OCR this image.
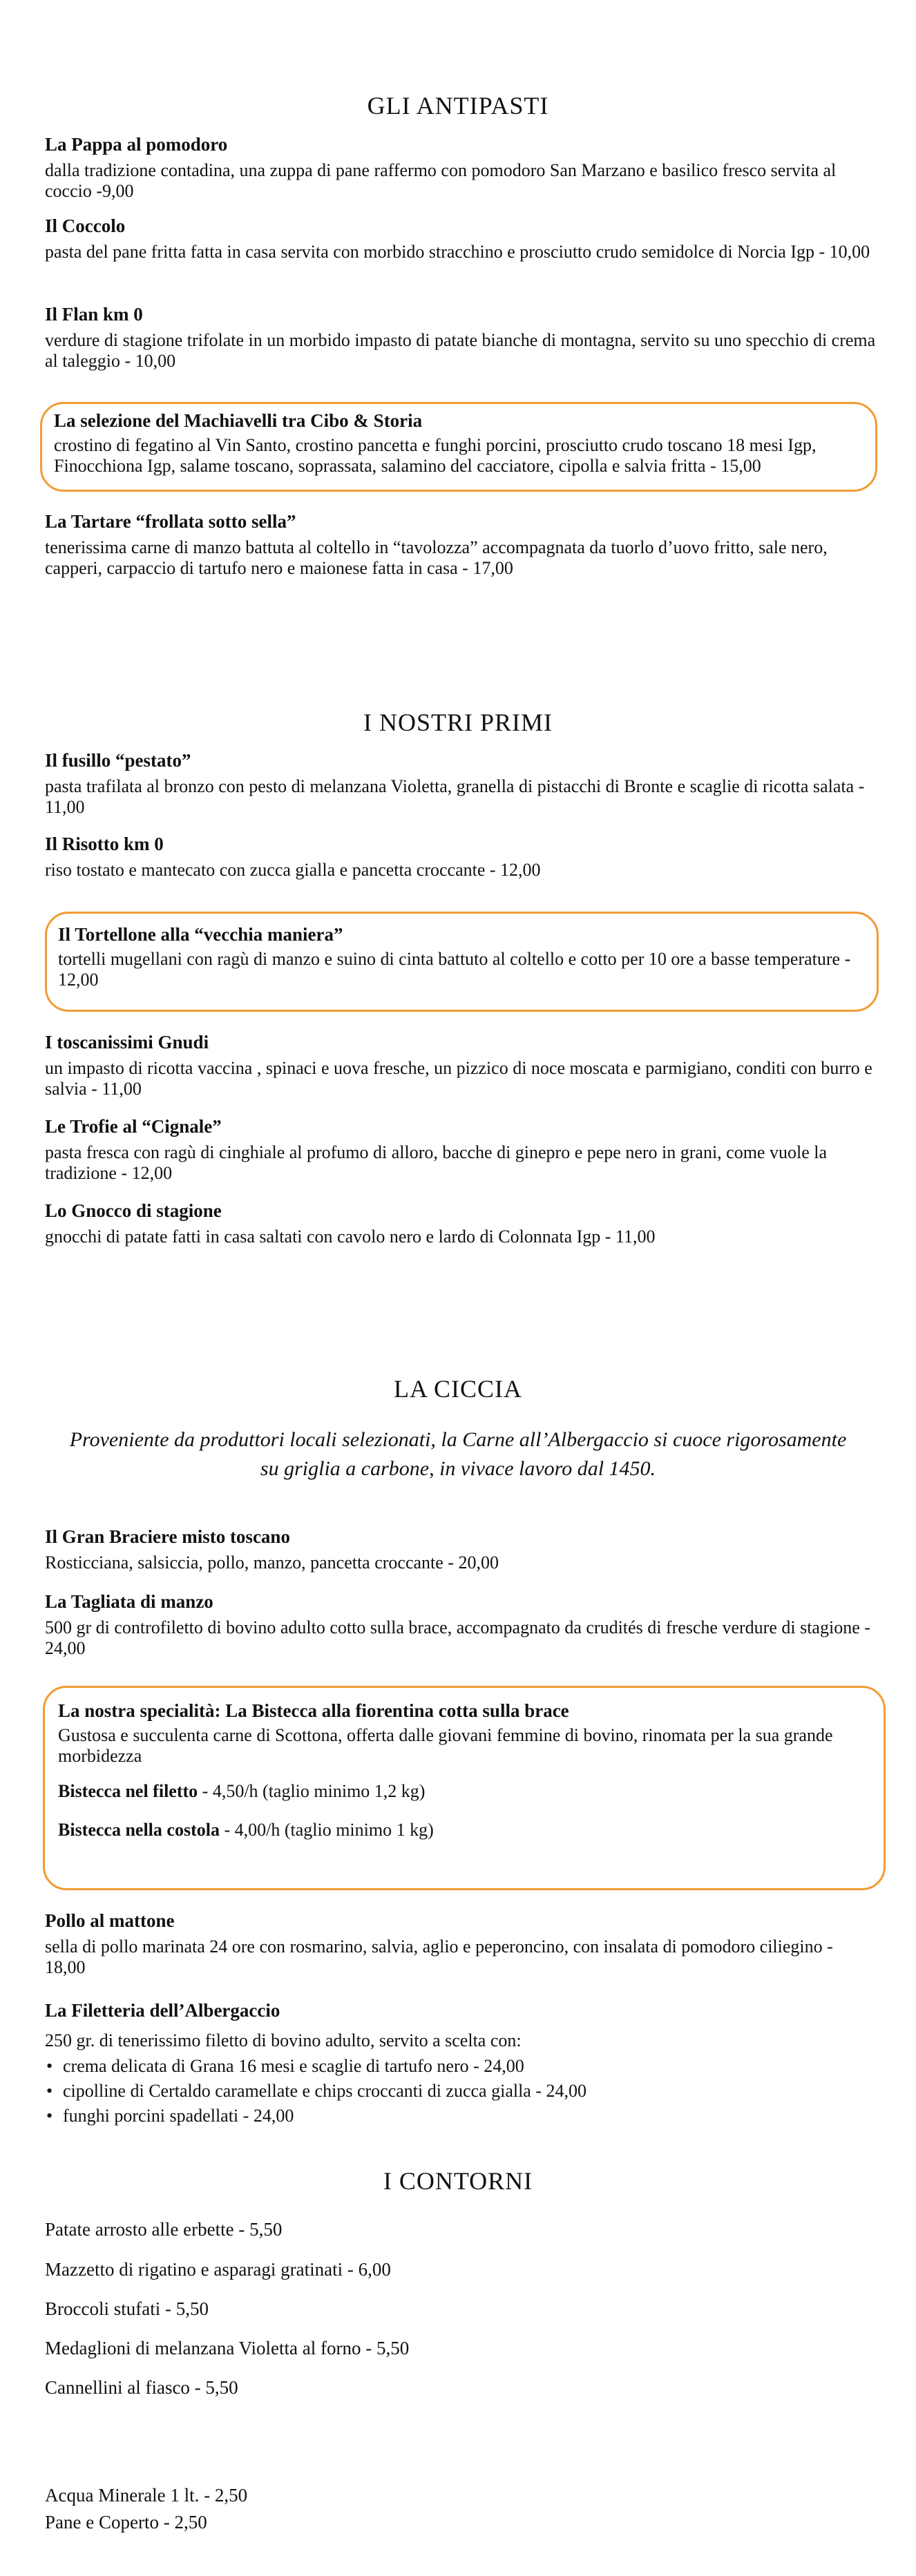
GLI ANTIPASTI
La Pappa al pomodoro
dalla tradizione contadina, una zuppa di pane raffermo con pomodoro San Marzano e basilico fresco servita al coccio -9,00
Il Coccolo
pasta del pane fritta fatta in casa servita con morbido stracchino e prosciutto crudo semidolce di Norcia Igp - 10,00
Il Flan km 0
verdure di stagione trifolate in un morbido impasto di patate bianche di montagna, servito su uno specchio di crema al taleggio - 10,00
La selezione del Machiavelli tra Cibo & Storia
crostino di fegatino al Vin Santo, crostino pancetta e funghi porcini, prosciutto crudo toscano 18 mesi Igp, Finocchiona Igp, salame toscano, soprassata, salamino del cacciatore, cipolla e salvia fritta - 15,00
La Tartare “frollata sotto sella”
tenerissima carne di manzo battuta al coltello in “tavolozza” accompagnata da tuorlo d’uovo fritto, sale nero, capperi, carpaccio di tartufo nero e maionese fatta in casa - 17,00
I NOSTRI PRIMI
Il fusillo “pestato”
pasta trafilata al bronzo con pesto di melanzana Violetta, granella di pistacchi di Bronte e scaglie di ricotta salata - 11,00
Il Risotto km 0
riso tostato e mantecato con zucca gialla e pancetta croccante - 12,00
Il Tortellone alla “vecchia maniera”
tortelli mugellani con ragù di manzo e suino di cinta battuto al coltello e cotto per 10 ore a basse temperature - 12,00
I toscanissimi Gnudi
un impasto di ricotta vaccina , spinaci e uova fresche, un pizzico di noce moscata e parmigiano, conditi con burro e salvia - 11,00
Le Trofie al “Cignale”
pasta fresca con ragù di cinghiale al profumo di alloro, bacche di ginepro e pepe nero in grani, come vuole la tradizione - 12,00
Lo Gnocco di stagione
gnocchi di patate fatti in casa saltati con cavolo nero e lardo di Colonnata Igp - 11,00
LA CICCIA
Proveniente da produttori locali selezionati, la Carne all’Albergaccio si cuoce rigorosamente su griglia a carbone, in vivace lavoro dal 1450.
Il Gran Braciere misto toscano
Rosticciana, salsiccia, pollo, manzo, pancetta croccante - 20,00
La Tagliata di manzo
500 gr di controfiletto di bovino adulto cotto sulla brace, accompagnato da crudités di fresche verdure di stagione - 24,00
La nostra specialità: La Bistecca alla fiorentina cotta sulla brace
Gustosa e succulenta carne di Scottona, offerta dalle giovani femmine di bovino, rinomata per la sua grande morbidezza
Bistecca nel filetto - 4,50/h (taglio minimo 1,2 kg)
Bistecca nella costola - 4,00/h (taglio minimo 1 kg)
Pollo al mattone
sella di pollo marinata 24 ore con rosmarino, salvia, aglio e peperoncino, con insalata di pomodoro ciliegino - 18,00
La Filetteria dell’Albergaccio
250 gr. di tenerissimo filetto di bovino adulto, servito a scelta con:
• crema delicata di Grana 16 mesi e scaglie di tartufo nero - 24,00
• cipolline di Certaldo caramellate e chips croccanti di zucca gialla - 24,00
• funghi porcini spadellati - 24,00
I CONTORNI
Patate arrosto alle erbette - 5,50
Mazzetto di rigatino e asparagi gratinati - 6,00
Broccoli stufati - 5,50
Medaglioni di melanzana Violetta al forno - 5,50
Cannellini al fiasco - 5,50
Acqua Minerale 1 lt. - 2,50
Pane e Coperto - 2,50
